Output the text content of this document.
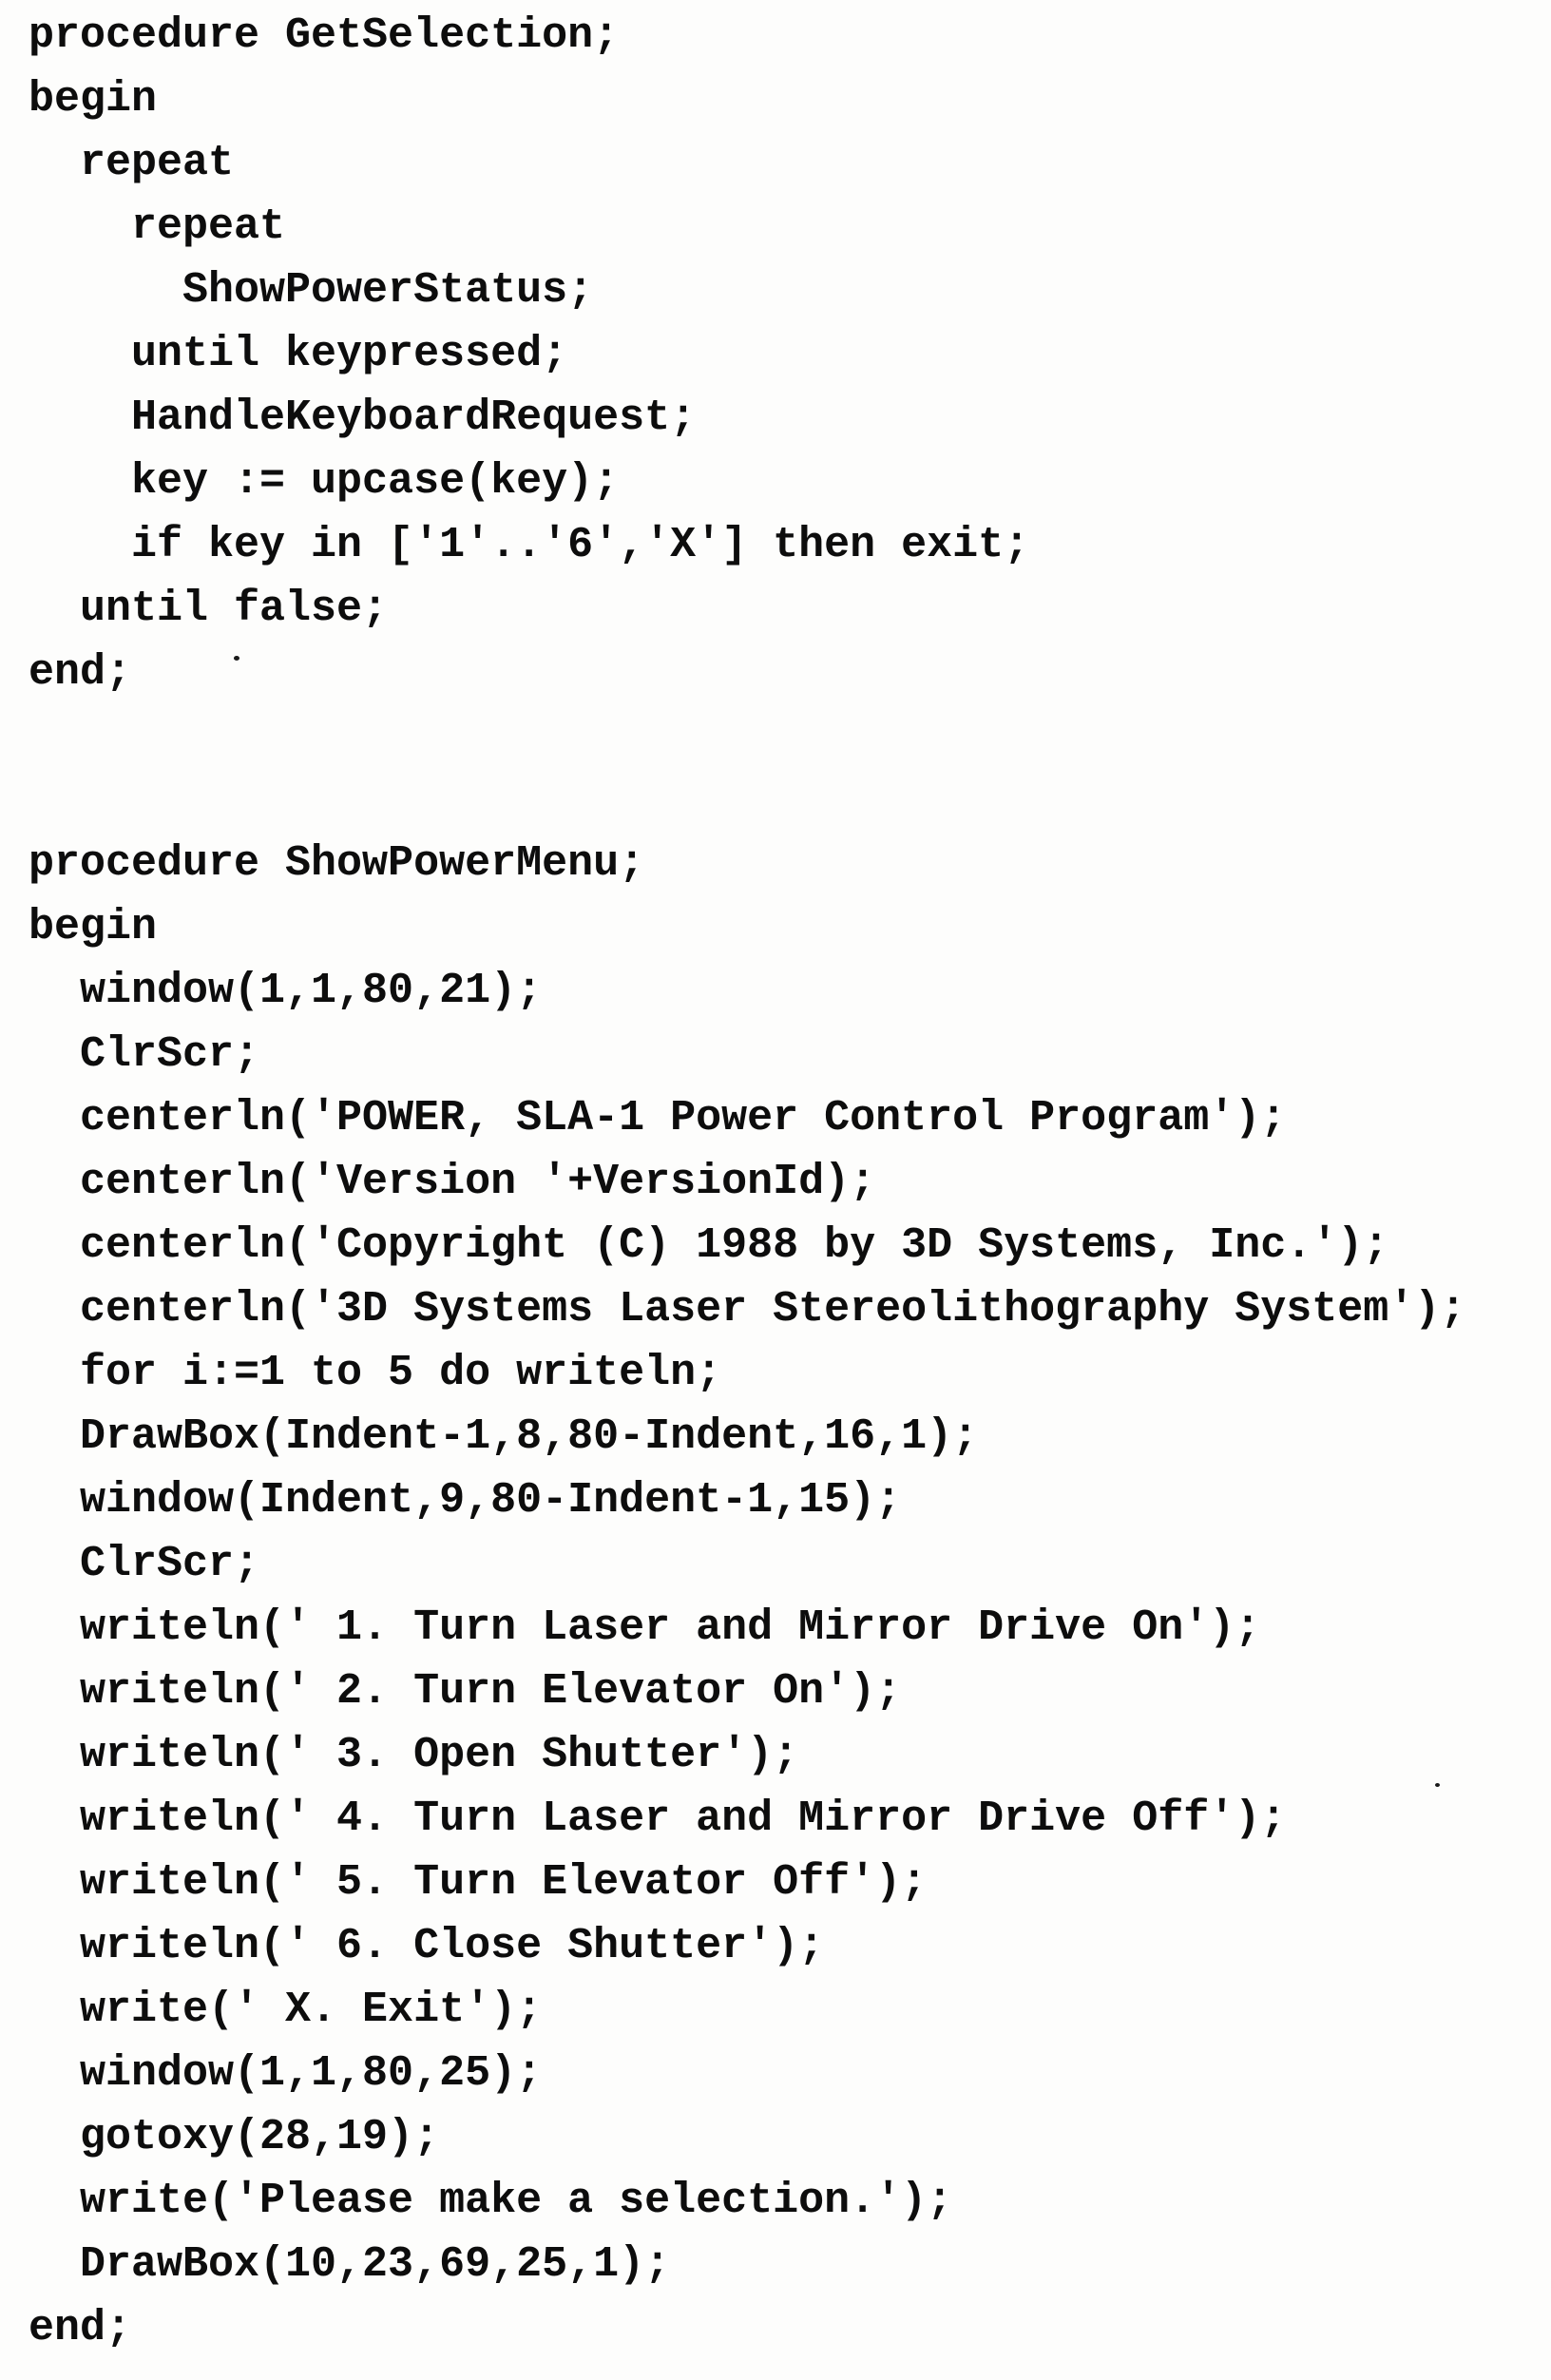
procedure GetSelection;
begin
repeat
repeat
ShowPowerStatus;
until keypressed;
HandleKeyboardRequest;
key := upcase(key);
if key in ['1'..'6','X'] then exit;
until false;
end;
procedure ShowPowerMenu;
begin
window(1,1,80,21);
ClrScr;
centerln('POWER, SLA-1 Power Control Program');
centerln('Version '+VersionId);
centerln('Copyright (C) 1988 by 3D Systems, Inc.');
centerln('3D Systems Laser Stereolithography System');
for i:=1 to 5 do writeln;
DrawBox(Indent-1,8,80-Indent,16,1);
window(Indent,9,80-Indent-1,15);
ClrScr;
writeln(' 1. Turn Laser and Mirror Drive On');
writeln(' 2. Turn Elevator On');
writeln(' 3. Open Shutter');
writeln(' 4. Turn Laser and Mirror Drive Off');
writeln(' 5. Turn Elevator Off');
writeln(' 6. Close Shutter');
write(' X. Exit');
window(1,1,80,25);
gotoxy(28,19);
write('Please make a selection.');
DrawBox(10,23,69,25,1);
end;
